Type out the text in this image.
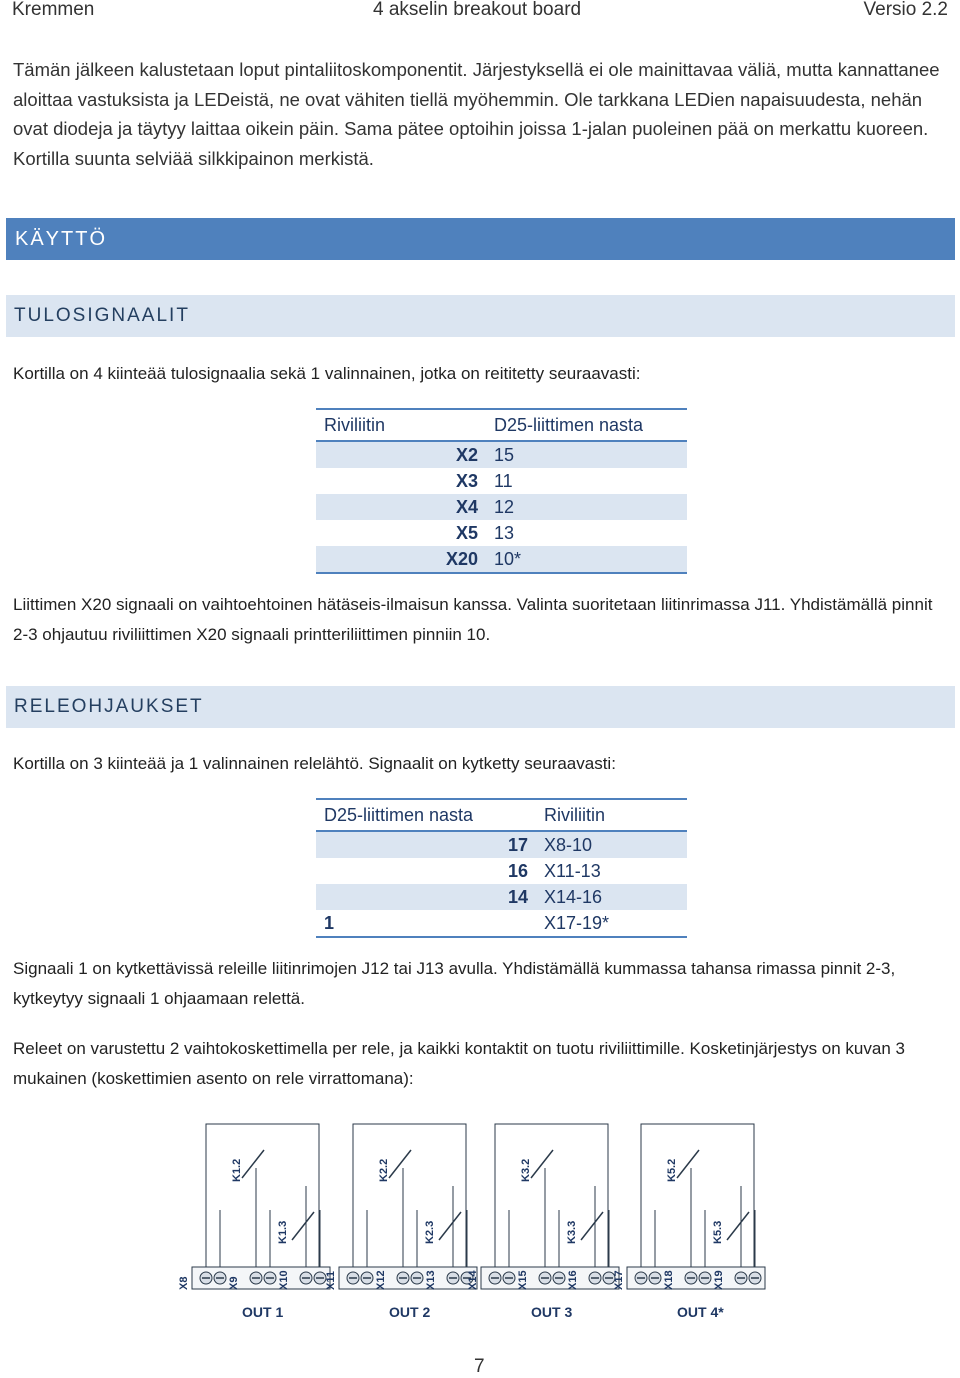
Kremmen	4 akselin breakout board	Versio 2.2
Tämän jälkeen kalustetaan loput pintaliitoskomponentit. Järjestyksellä ei ole mainittavaa väliä, mutta kannattanee aloittaa vastuksista ja LEDeistä, ne ovat vähiten tiellä myöhemmin. Ole tarkkana LEDien napaisuudesta, nehän ovat diodeja ja täytyy laittaa oikein päin. Sama pätee optoihin joissa 1-jalan puoleinen pää on merkattu kuoreen. Kortilla suunta selviää silkkipainon merkistä.
KÄYTTÖ
TULOSIGNAALIT
Kortilla on 4 kiinteää tulosignaalia sekä 1 valinnainen, jotka on reititetty seuraavasti:
Riviliitin	D25-liittimen nasta
X2	15
X3	11
X4	12
X5	13
X20	10*
Liittimen X20 signaali on vaihtoehtoinen hätäseis-ilmaisun kanssa. Valinta suoritetaan liitinrimassa J11. Yhdistämällä pinnit 2-3 ohjautuu riviliittimen X20 signaali printteriliittimen pinniin 10.
RELEOHJAUKSET
Kortilla on 3 kiinteää ja 1 valinnainen relelähtö. Signaalit on kytketty seuraavasti:
D25-liittimen nasta	Riviliitin
17	X8-10
16	X11-13
14	X14-16
1	X17-19*
Signaali 1 on kytkettävissä releille liitinrimojen J12 tai J13 avulla. Yhdistämällä kummassa tahansa rimassa pinnit 2-3, kytkeytyy signaali 1 ohjaamaan relettä.
Releet on varustettu 2 vaihtokoskettimella per rele, ja kaikki kontaktit on tuotu riviliittimille. Kosketinjärjestys on kuvan 3 mukainen (koskettimien asento on rele virrattomana):
X8	X9	X10
K1.2
K1.3
OUT 1
X11	X12	X13
K2.2
K2.3
OUT 2
X14	X15	X16
K3.2
K3.3
OUT 3
X17	X18	X19
K5.2
K5.3
OUT 4*
7
